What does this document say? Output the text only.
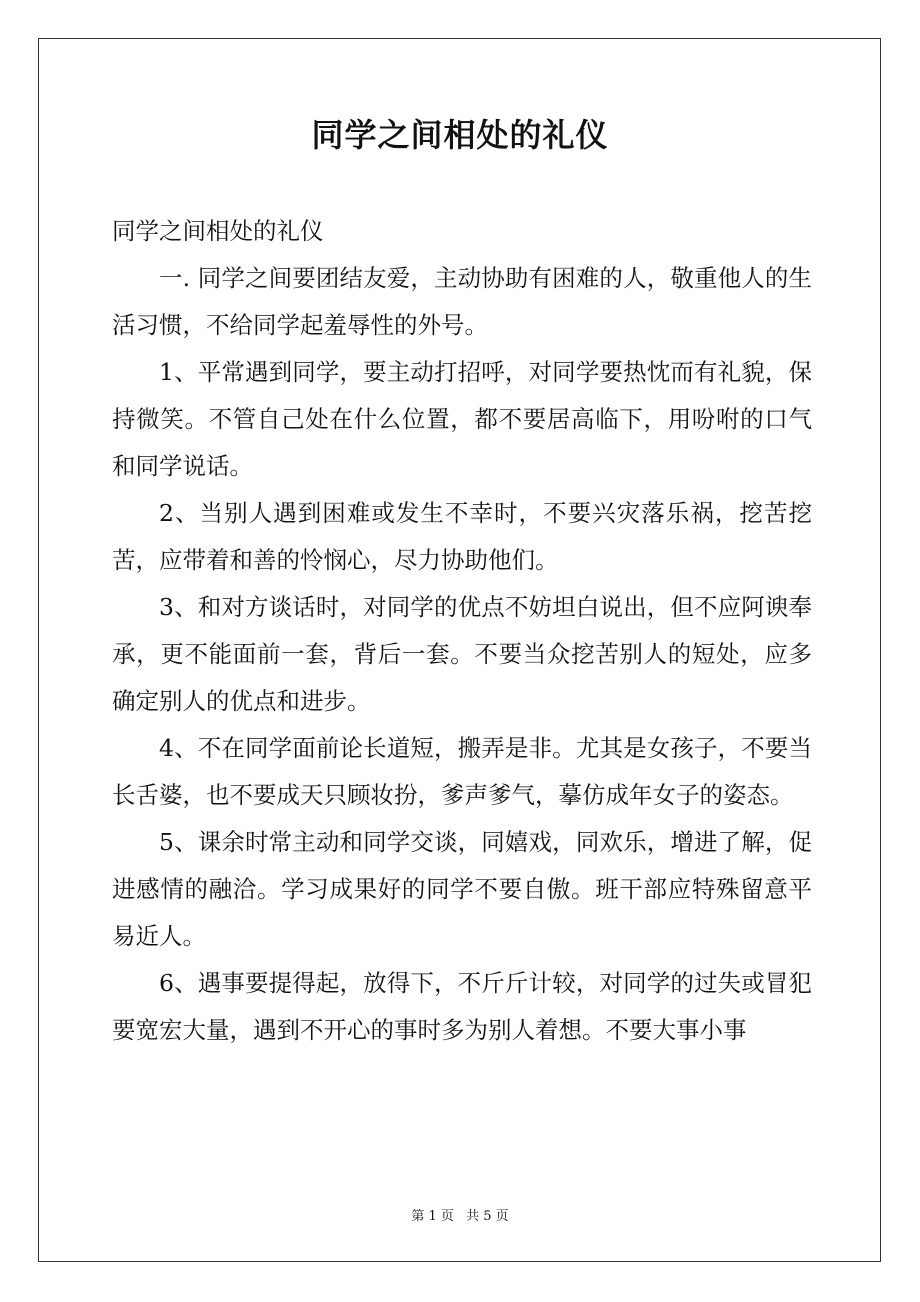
同学之间相处的礼仪

同学之间相处的礼仪

一. 同学之间要团结友爱，主动协助有困难的人，敬重他人的生活习惯，不给同学起羞辱性的外号。

1、平常遇到同学，要主动打招呼，对同学要热忱而有礼貌，保持微笑。不管自己处在什么位置，都不要居高临下，用吩咐的口气和同学说话。

2、当别人遇到困难或发生不幸时，不要兴灾落乐祸，挖苦挖苦，应带着和善的怜悯心，尽力协助他们。

3、和对方谈话时，对同学的优点不妨坦白说出，但不应阿谀奉承，更不能面前一套，背后一套。不要当众挖苦别人的短处，应多确定别人的优点和进步。

4、不在同学面前论长道短，搬弄是非。尤其是女孩子，不要当长舌婆，也不要成天只顾妆扮，爹声爹气，摹仿成年女子的姿态。

5、课余时常主动和同学交谈，同嬉戏，同欢乐，增进了解，促进感情的融洽。学习成果好的同学不要自傲。班干部应特殊留意平易近人。

6、遇事要提得起，放得下，不斤斤计较，对同学的过失或冒犯要宽宏大量，遇到不开心的事时多为别人着想。不要大事小事

第 1 页 共 5 页
